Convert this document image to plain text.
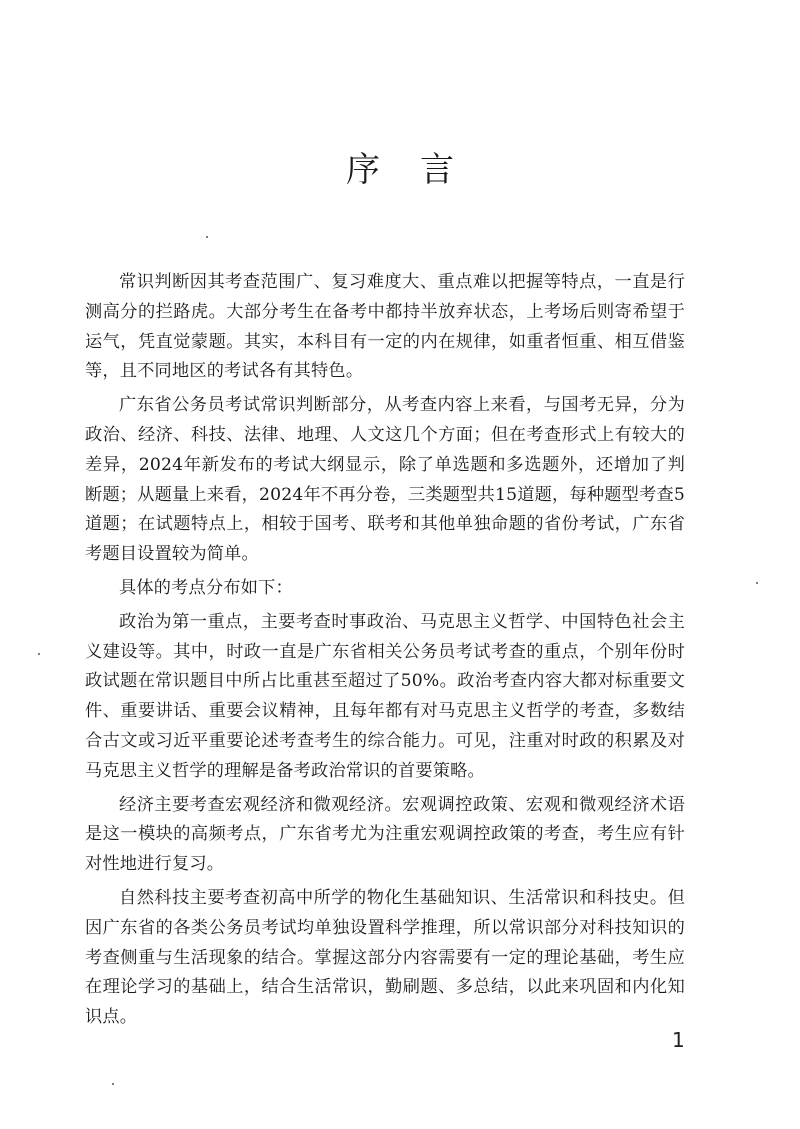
序言

常识判断因其考查范围广、复习难度大、重点难以把握等特点，一直是行测高分的拦路虎。大部分考生在备考中都持半放弃状态，上考场后则寄希望于运气，凭直觉蒙题。其实，本科目有一定的内在规律，如重者恒重、相互借鉴等，且不同地区的考试各有其特色。

广东省公务员考试常识判断部分，从考查内容上来看，与国考无异，分为政治、经济、科技、法律、地理、人文这几个方面；但在考查形式上有较大的差异，2024年新发布的考试大纲显示，除了单选题和多选题外，还增加了判断题；从题量上来看，2024年不再分卷，三类题型共15道题，每种题型考查5道题；在试题特点上，相较于国考、联考和其他单独命题的省份考试，广东省考题目设置较为简单。

具体的考点分布如下：

政治为第一重点，主要考查时事政治、马克思主义哲学、中国特色社会主义建设等。其中，时政一直是广东省相关公务员考试考查的重点，个别年份时政试题在常识题目中所占比重甚至超过了50%。政治考查内容大都对标重要文件、重要讲话、重要会议精神，且每年都有对马克思主义哲学的考查，多数结合古文或习近平重要论述考查考生的综合能力。可见，注重对时政的积累及对马克思主义哲学的理解是备考政治常识的首要策略。

经济主要考查宏观经济和微观经济。宏观调控政策、宏观和微观经济术语是这一模块的高频考点，广东省考尤为注重宏观调控政策的考查，考生应有针对性地进行复习。

自然科技主要考查初高中所学的物化生基础知识、生活常识和科技史。但因广东省的各类公务员考试均单独设置科学推理，所以常识部分对科技知识的考查侧重与生活现象的结合。掌握这部分内容需要有一定的理论基础，考生应在理论学习的基础上，结合生活常识，勤刷题、多总结，以此来巩固和内化知识点。

1
